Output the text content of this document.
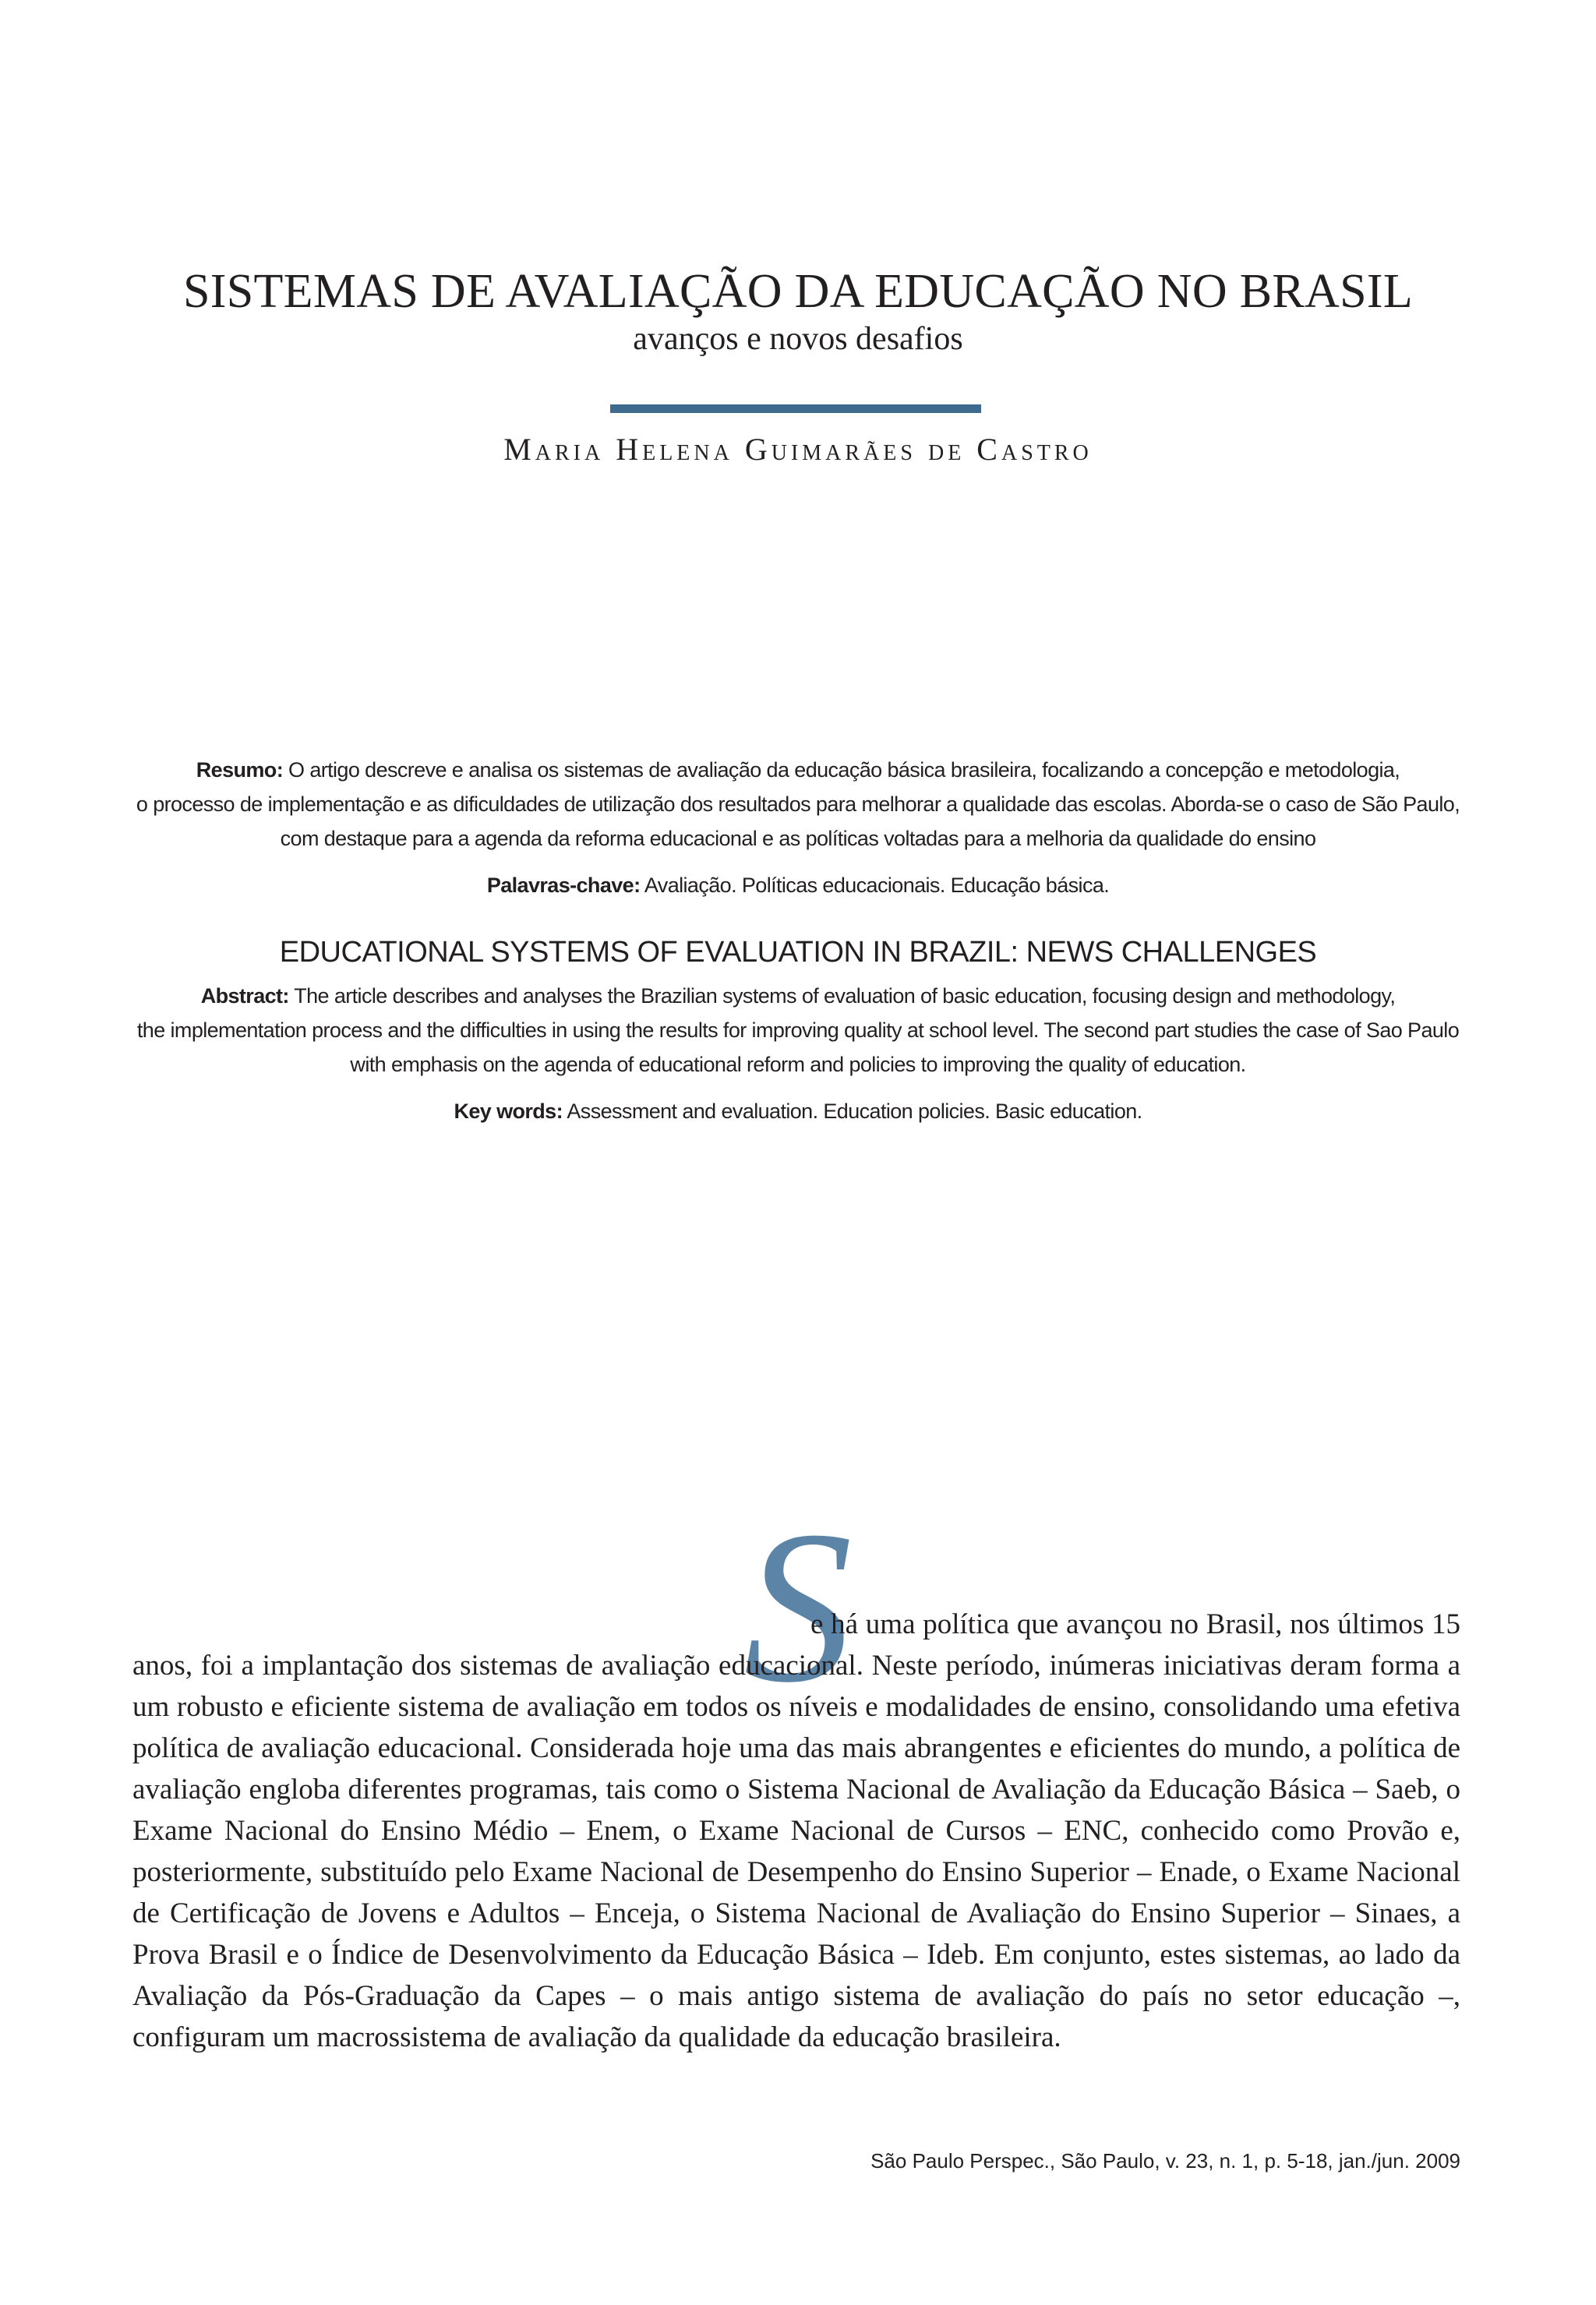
SISTEMAS DE AVALIAÇÃO DA EDUCAÇÃO NO BRASIL
avanços e novos desafios
Maria Helena Guimarães de Castro

Resumo: O artigo descreve e analisa os sistemas de avaliação da educação básica brasileira, focalizando a concepção e metodologia,

o processo de implementação e as dificuldades de utilização dos resultados para melhorar a qualidade das escolas. Aborda-se o caso de São Paulo,

com destaque para a agenda da reforma educacional e as políticas voltadas para a melhoria da qualidade do ensino

Palavras-chave: Avaliação. Políticas educacionais. Educação básica.

EDUCATIONAL SYSTEMS OF EVALUATION IN BRAZIL: NEWS CHALLENGES

Abstract: The article describes and analyses the Brazilian systems of evaluation of basic education, focusing design and methodology,

the implementation process and the difficulties in using the results for improving quality at school level. The second part studies the case of Sao Paulo

with emphasis on the agenda of educational reform and policies to improving the quality of education.

Key words: Assessment and evaluation. Education policies. Basic education.

S

e há uma política que avançou no Brasil, nos últimos 15 anos, foi a implantação dos sistemas de avaliação educacional. Neste período, inúmeras iniciativas deram forma a um robusto e eficiente sistema de avaliação em todos os níveis e modalidades de ensino, consolidando uma efetiva política de avaliação educacional. Considerada hoje uma das mais abrangentes e eficientes do mundo, a política de avaliação engloba diferentes programas, tais como o Sistema Nacional de Avaliação da Educação Básica – Saeb, o Exame Nacional do Ensino Médio – Enem, o Exame Nacional de Cursos – ENC, conhecido como Provão e, posteriormente, substituído pelo Exame Nacional de Desempenho do Ensino Superior – Enade, o Exame Nacional de Certificação de Jovens e Adultos – Enceja, o Sistema Nacional de Avaliação do Ensino Superior – Sinaes, a Prova Brasil e o Índice de Desenvolvimento da Educação Básica – Ideb. Em conjunto, estes sistemas, ao lado da Avaliação da Pós-Graduação da Capes – o mais antigo sistema de avaliação do país no setor educação –, configuram um macrossistema de avaliação da qualidade da educação brasileira.

São Paulo Perspec., São Paulo, v. 23, n. 1, p. 5-18, jan./jun. 2009
